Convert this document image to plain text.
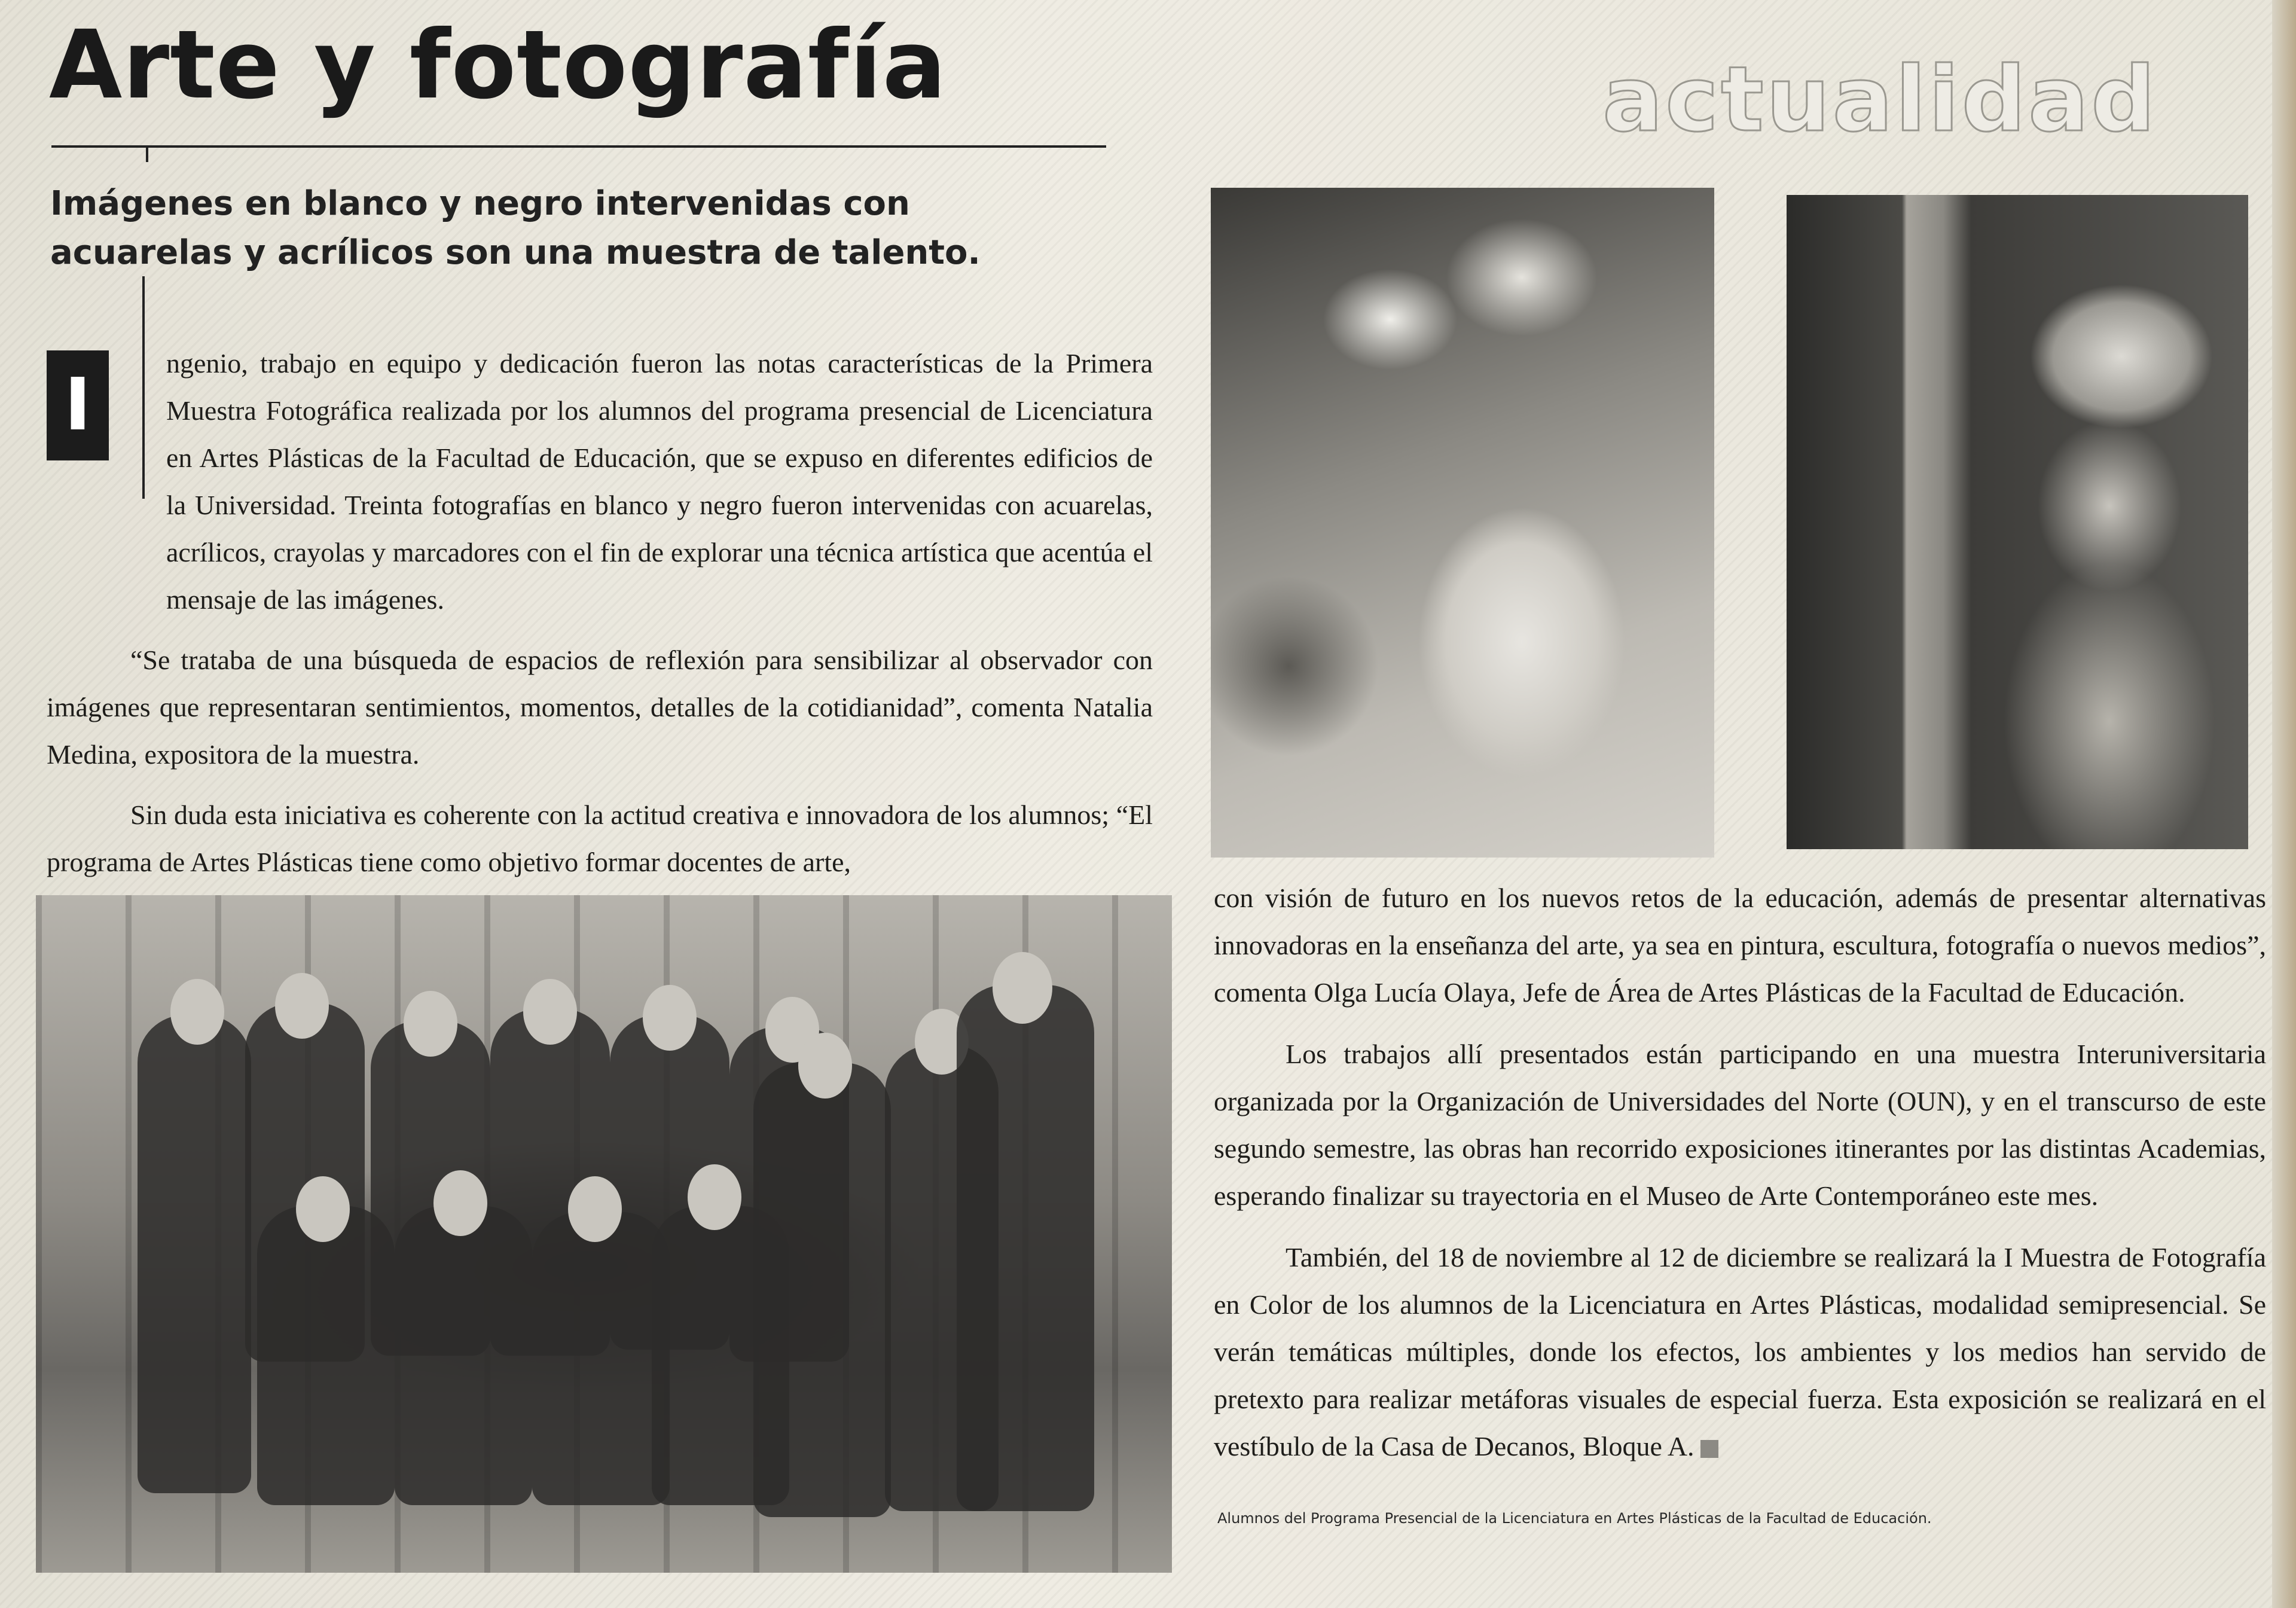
Arte y fotografía	actualidad
Imágenes en blanco y negro intervenidas con acuarelas y acrílicos son una muestra de talento.
I

ngenio, trabajo en equipo y dedicación fueron las notas características de la Primera Muestra Fotográfica realizada por los alumnos del programa presencial de Licenciatura en Artes Plásticas de la Facultad de Educación, que se expuso en diferentes edificios de la Universidad. Treinta fotografías en blanco y negro fueron intervenidas con acuarelas, acrílicos, crayolas y marcadores con el fin de explorar una técnica artística que acentúa el mensaje de las imágenes.

“Se trataba de una búsqueda de espacios de reflexión para sensibilizar al observador con imágenes que representaran sentimientos, momentos, detalles de la cotidianidad”, comenta Natalia Medina, expositora de la muestra.

Sin duda esta iniciativa es coherente con la actitud creativa e innovadora de los alumnos; “El programa de Artes Plásticas tiene como objetivo formar docentes de arte,

con visión de futuro en los nuevos retos de la educación, además de presentar alternativas innovadoras en la enseñanza del arte, ya sea en pintura, escultura, fotografía o nuevos medios”, comenta Olga Lucía Olaya, Jefe de Área de Artes Plásticas de la Facultad de Educación.

Los trabajos allí presentados están participando en una muestra Interuniversitaria organizada por la Organización de Universidades del Norte (OUN), y en el transcurso de este segundo semestre, las obras han recorrido exposiciones itinerantes por las distintas Academias, esperando finalizar su trayectoria en el Museo de Arte Contemporáneo este mes.

También, del 18 de noviembre al 12 de diciembre se realizará la I Muestra de Fotografía en Color de los alumnos de la Licenciatura en Artes Plásticas, modalidad semipresencial. Se verán temáticas múltiples, donde los efectos, los ambientes y los medios han servido de pretexto para realizar metáforas visuales de especial fuerza. Esta exposición se realizará en el vestíbulo de la Casa de Decanos, Bloque A.

Alumnos del Programa Presencial de la Licenciatura en Artes Plásticas de la Facultad de Educación.
